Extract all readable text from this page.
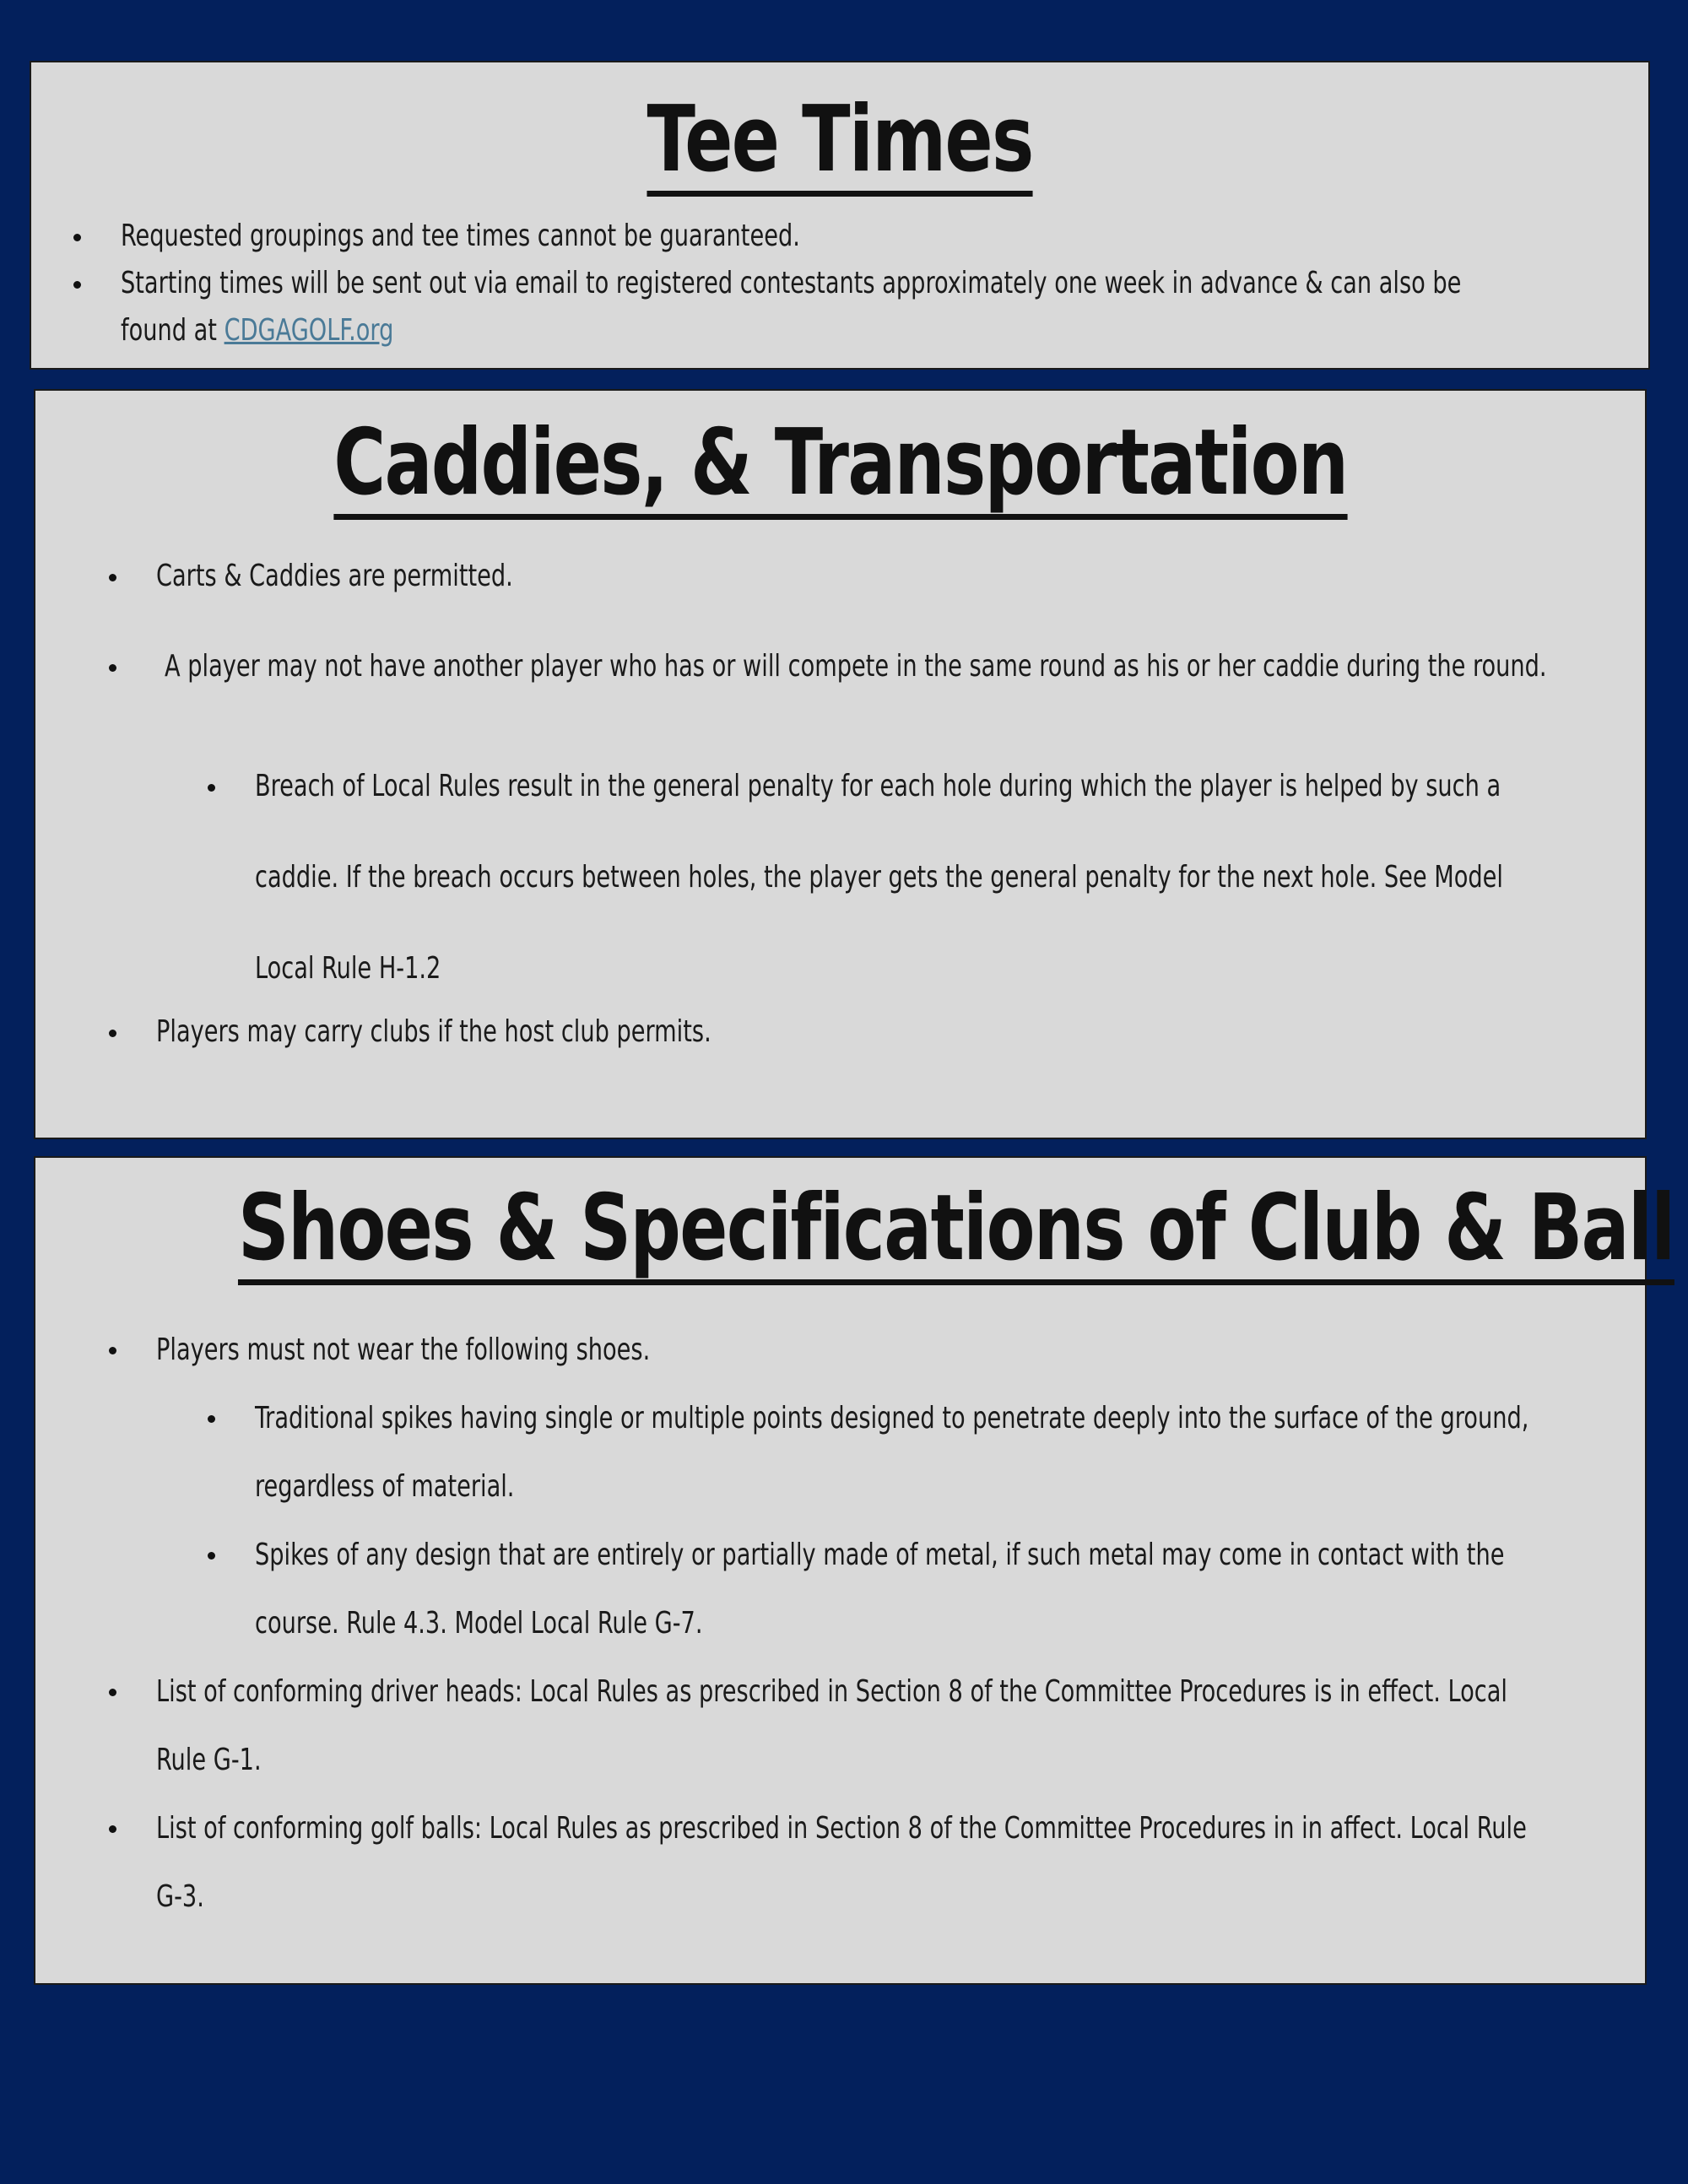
Tee Times
Requested groupings and tee times cannot be guaranteed.
Starting times will be sent out via email to registered contestants approximately one week in advance & can also be
found at CDGAGOLF.org
Caddies, & Transportation
Carts & Caddies are permitted.
A player may not have another player who has or will compete in the same round as his or her caddie during the round.
Breach of Local Rules result in the general penalty for each hole during which the player is helped by such a
caddie. If the breach occurs between holes, the player gets the general penalty for the next hole. See Model
Local Rule H-1.2
Players may carry clubs if the host club permits.
Shoes & Specifications of Club & Ball
Players must not wear the following shoes.
Traditional spikes having single or multiple points designed to penetrate deeply into the surface of the ground,
regardless of material.
Spikes of any design that are entirely or partially made of metal, if such metal may come in contact with the
course. Rule 4.3. Model Local Rule G-7.
List of conforming driver heads: Local Rules as prescribed in Section 8 of the Committee Procedures is in effect. Local
Rule G-1.
List of conforming golf balls: Local Rules as prescribed in Section 8 of the Committee Procedures in in affect. Local Rule
G-3.
